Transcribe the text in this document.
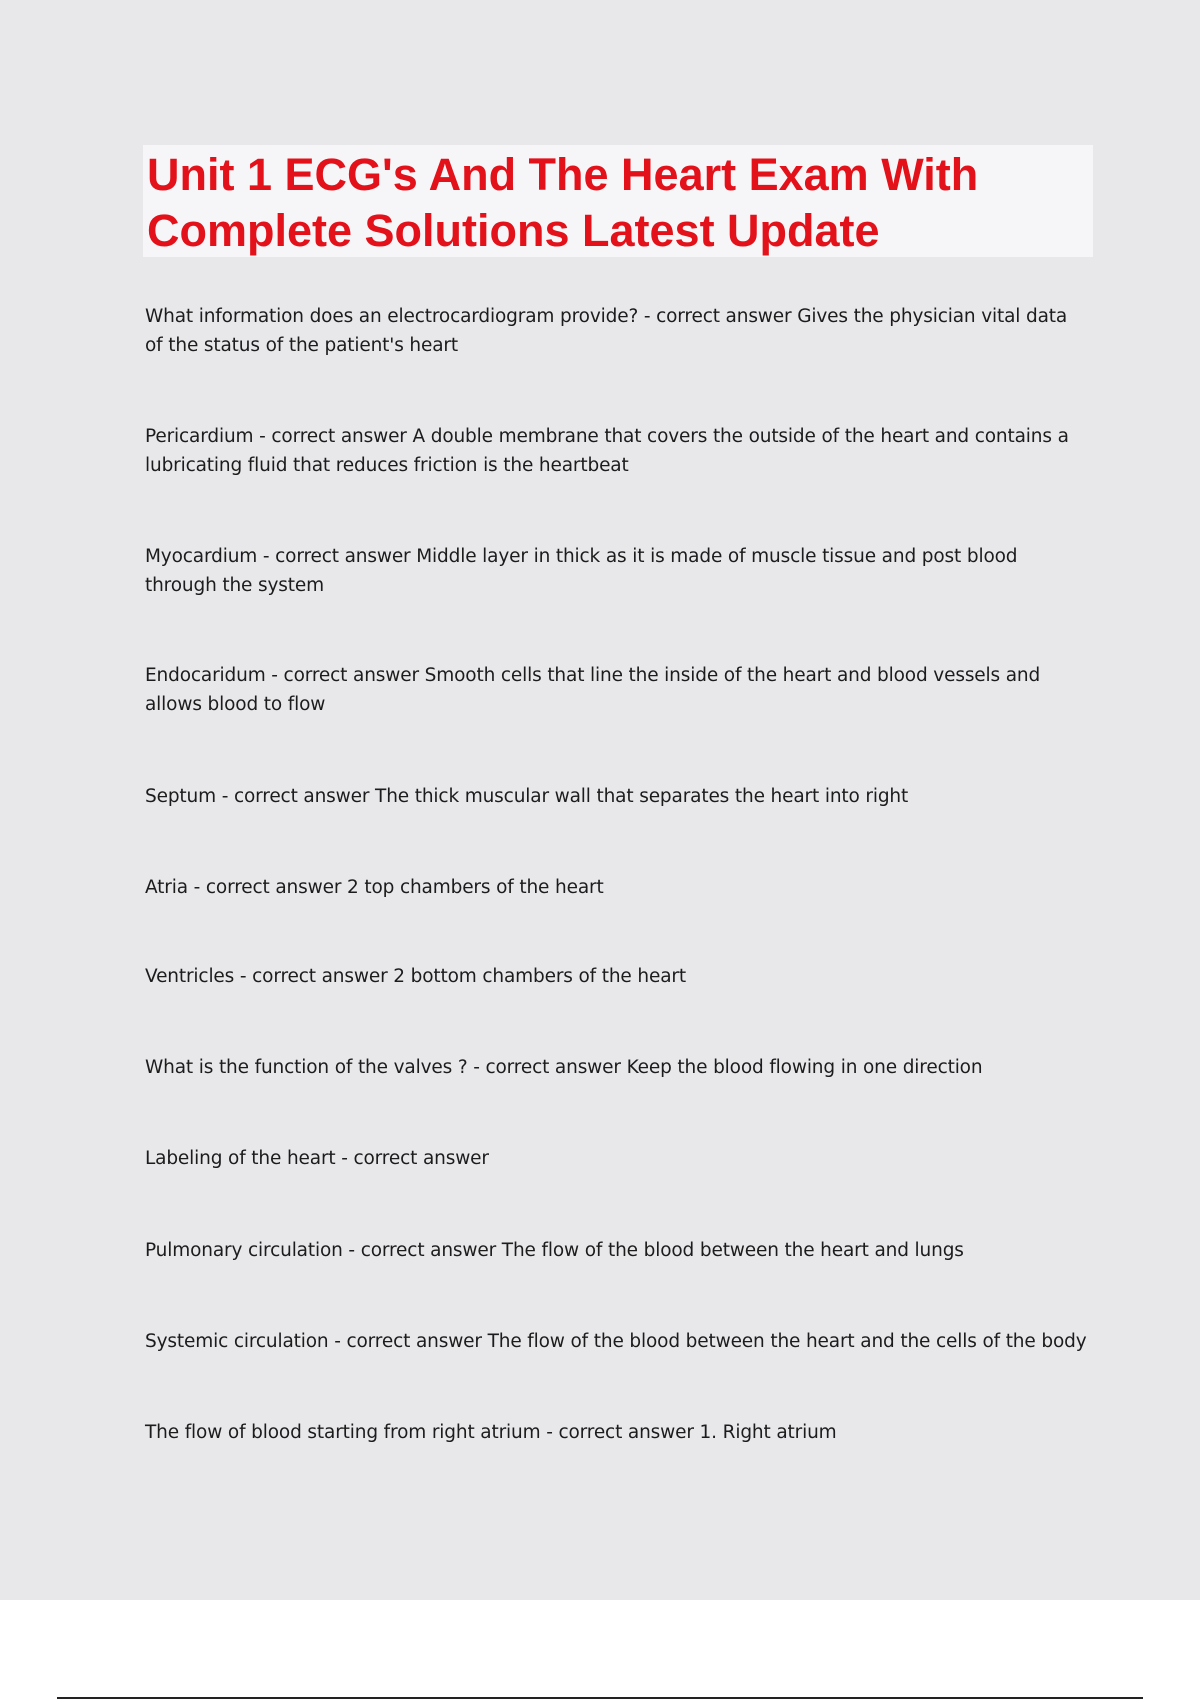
Unit 1 ECG's And The Heart Exam With Complete Solutions Latest Update

What information does an electrocardiogram provide? - correct answer Gives the physician vital data of the status of the patient's heart

Pericardium - correct answer A double membrane that covers the outside of the heart and contains a lubricating fluid that reduces friction is the heartbeat

Myocardium - correct answer Middle layer in thick as it is made of muscle tissue and post blood through the system

Endocaridum - correct answer Smooth cells that line the inside of the heart and blood vessels and allows blood to flow

Septum - correct answer The thick muscular wall that separates the heart into right

Atria - correct answer 2 top chambers of the heart

Ventricles - correct answer 2 bottom chambers of the heart

What is the function of the valves ? - correct answer Keep the blood flowing in one direction

Labeling of the heart - correct answer

Pulmonary circulation - correct answer The flow of the blood between the heart and lungs

Systemic circulation - correct answer The flow of the blood between the heart and the cells of the body

The flow of blood starting from right atrium - correct answer 1. Right atrium
